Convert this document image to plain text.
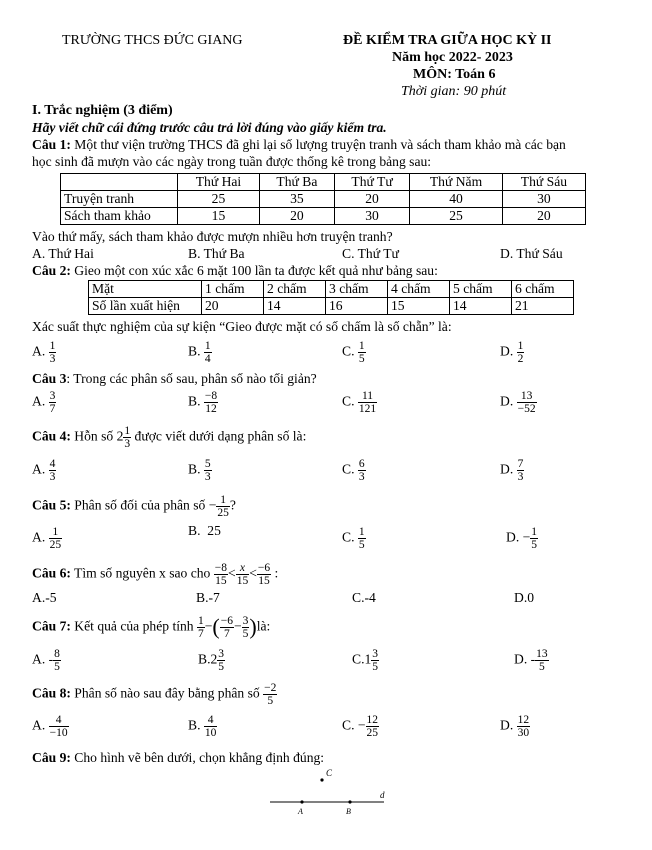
TRƯỜNG THCS ĐỨC GIANG	ĐỀ KIỂM TRA GIỮA HỌC KỲ II
Năm học 2022- 2023
MÔN: Toán 6
Thời gian: 90 phút
I. Trắc nghiệm (3 điểm)
Hãy viết chữ cái đứng trước câu trả lời đúng vào giấy kiểm tra.
Câu 1: Một thư viện trường THCS đã ghi lại số lượng truyện tranh và sách tham khảo mà các bạn
học sinh đã mượn vào các ngày trong tuần được thống kê trong bảng sau:
	Thứ Hai	Thứ Ba	Thứ Tư	Thứ Năm	Thứ Sáu
Truyện tranh	25	35	20	40	30
Sách tham khảo	15	20	30	25	20
Vào thứ mấy, sách tham khảo được mượn nhiều hơn truyện tranh?
A. Thứ Hai	B. Thứ Ba	C. Thứ Tư	D. Thứ Sáu
Câu 2: Gieo một con xúc xắc 6 mặt 100 lần ta được kết quả như bảng sau:
Mặt	1 chấm	2 chấm	3 chấm	4 chấm	5 chấm	6 chấm
Số lần xuất hiện	20	14	16	15	14	21
Xác suất thực nghiệm của sự kiện “Gieo được mặt có số chấm là số chẵn” là:
A. $\frac{1}{3}$	B. $\frac{1}{4}$	C. $\frac{1}{5}$	D. $\frac{1}{2}$
Câu 3: Trong các phân số sau, phân số nào tối giản?
A. $\frac{3}{7}$	B. $\frac{-8}{12}$	C. $\frac{11}{121}$	D. $\frac{13}{-52}$
Câu 4: Hỗn số $2 \frac{1}{3}$ được viết dưới dạng phân số là:
A. $\frac{4}{3}$	B. $\frac{5}{3}$	C. $\frac{6}{3}$	D. $\frac{7}{3}$
Câu 5: Phân số đối của phân số − $\frac{1}{25}$ ?
A. $\frac{1}{25}$	B. 25	C. $\frac{1}{5}$	D. − $\frac{1}{5}$
Câu 6: Tìm số nguyên x sao cho $\frac{-8}{15} < \frac{x}{15} < \frac{-6}{15}$ :
A.-5	B.-7	C.-4	D.0
Câu 7: Kết quả của phép tính $\frac{1}{7}$ −( $\frac{-6}{7} - \frac{3}{5}$ )là:
A. - $\frac{8}{5}$	$B.2 \frac{3}{5}$	$C.1 \frac{3}{5}$	D. - $\frac{13}{5}$
Câu 8: Phân số nào sau đây bằng phân số $\frac{-2}{5}$
A. $\frac{4}{-10}$	B. $\frac{4}{10}$	C. − $\frac{12}{25}$	D. $\frac{12}{30}$
Câu 9: Cho hình vẽ bên dưới, chọn khẳng định đúng:
C
A	B
d
